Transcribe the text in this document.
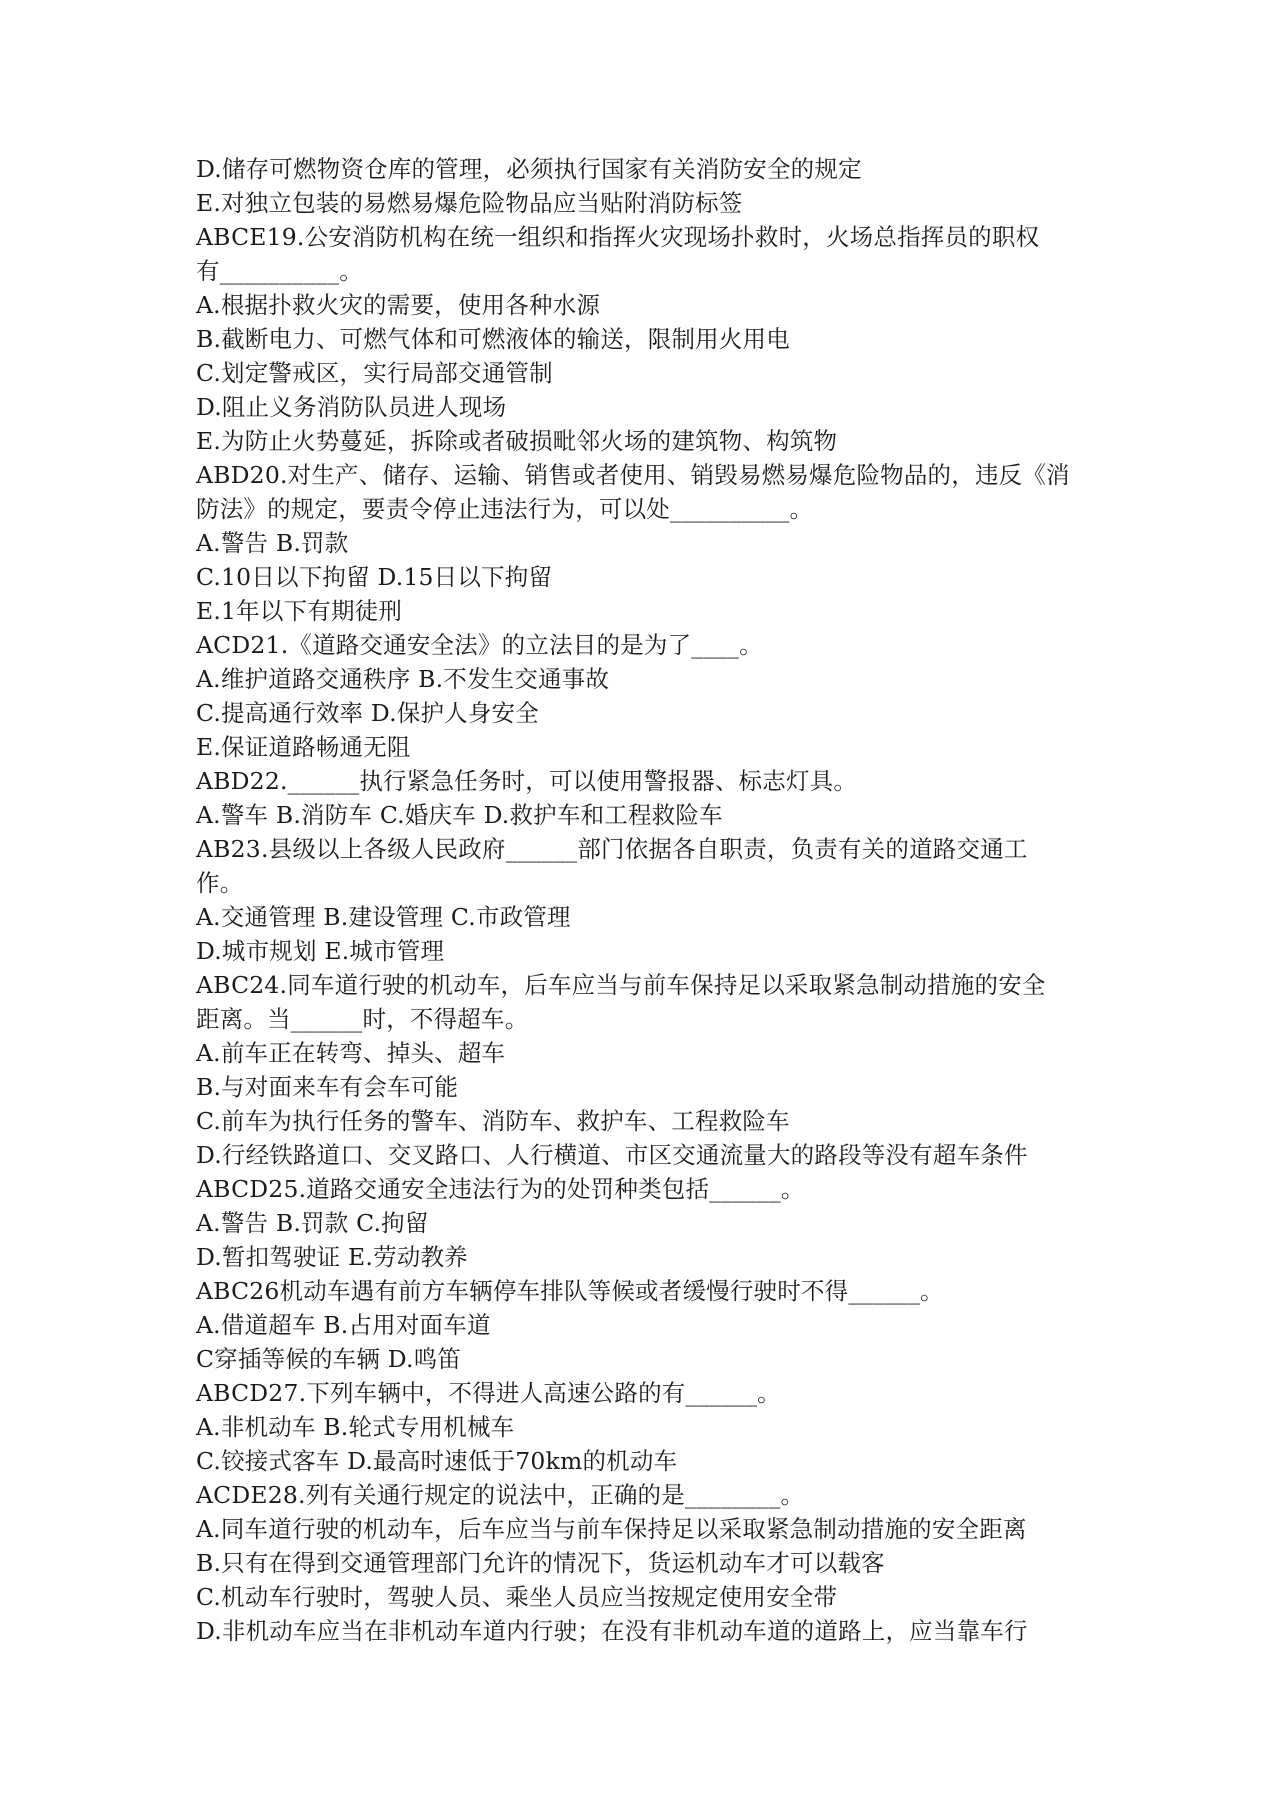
D.储存可燃物资仓库的管理，必须执行国家有关消防安全的规定
E.对独立包装的易燃易爆危险物品应当贴附消防标签
ABCE19.公安消防机构在统一组织和指挥火灾现场扑救时，火场总指挥员的职权
有__________。
A.根据扑救火灾的需要，使用各种水源
B.截断电力、可燃气体和可燃液体的输送，限制用火用电
C.划定警戒区，实行局部交通管制
D.阻止义务消防队员进人现场
E.为防止火势蔓延，拆除或者破损毗邻火场的建筑物、构筑物
ABD20.对生产、储存、运输、销售或者使用、销毁易燃易爆危险物品的，违反《消
防法》的规定，要责令停止违法行为，可以处__________。
A.警告 B.罚款
C.10日以下拘留 D.15日以下拘留
E.1年以下有期徒刑
ACD21.《道路交通安全法》的立法目的是为了____。
A.维护道路交通秩序 B.不发生交通事故
C.提高通行效率 D.保护人身安全
E.保证道路畅通无阻
ABD22.______执行紧急任务时，可以使用警报器、标志灯具。
A.警车 B.消防车 C.婚庆车 D.救护车和工程救险车
AB23.县级以上各级人民政府______部门依据各自职责，负责有关的道路交通工
作。
A.交通管理 B.建设管理 C.市政管理
D.城市规划 E.城市管理
ABC24.同车道行驶的机动车，后车应当与前车保持足以采取紧急制动措施的安全
距离。当______时，不得超车。
A.前车正在转弯、掉头、超车
B.与对面来车有会车可能
C.前车为执行任务的警车、消防车、救护车、工程救险车
D.行经铁路道口、交叉路口、人行横道、市区交通流量大的路段等没有超车条件
ABCD25.道路交通安全违法行为的处罚种类包括______。
A.警告 B.罚款 C.拘留
D.暂扣驾驶证 E.劳动教养
ABC26机动车遇有前方车辆停车排队等候或者缓慢行驶时不得______。
A.借道超车 B.占用对面车道
C穿插等候的车辆 D.鸣笛
ABCD27.下列车辆中，不得进人高速公路的有______。
A.非机动车 B.轮式专用机械车
C.铰接式客车 D.最高时速低于70km的机动车
ACDE28.列有关通行规定的说法中，正确的是________。
A.同车道行驶的机动车，后车应当与前车保持足以采取紧急制动措施的安全距离
B.只有在得到交通管理部门允许的情况下，货运机动车才可以载客
C.机动车行驶时，驾驶人员、乘坐人员应当按规定使用安全带
D.非机动车应当在非机动车道内行驶；在没有非机动车道的道路上，应当靠车行
